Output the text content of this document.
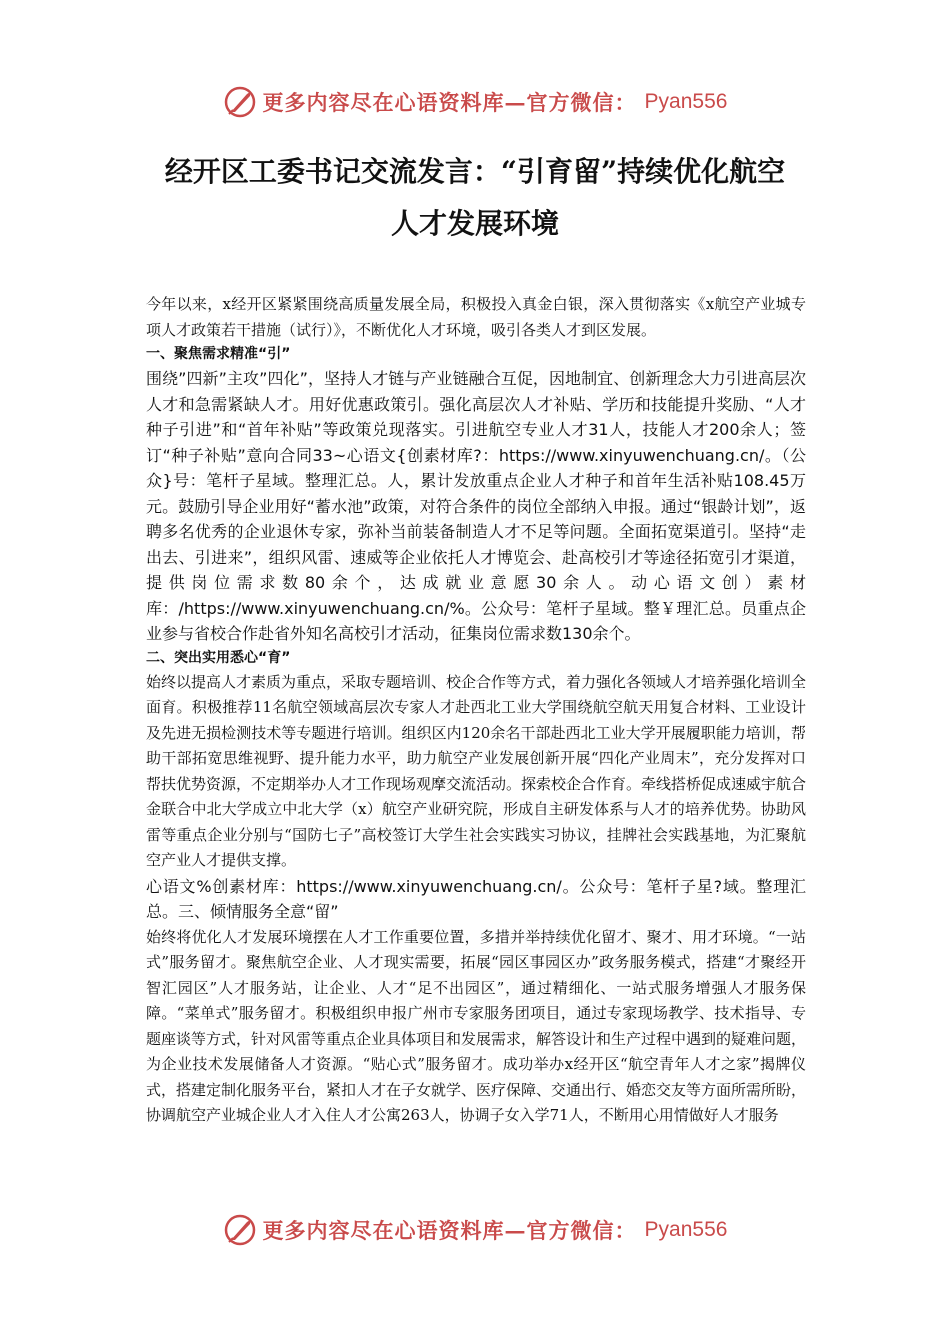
更多内容尽在心语资料库—官方微信： Pyan556
经开区工委书记交流发言：“引育留”持续优化航空
人才发展环境

今年以来，x经开区紧紧围绕高质量发展全局，积极投入真金白银，深入贯彻落实《x航空产业城专项人才政策若干措施（试行）》，不断优化人才环境，吸引各类人才到区发展。

一、聚焦需求精准“引”

围绕”四新”主攻”四化”，坚持人才链与产业链融合互促，因地制宜、创新理念大力引进高层次人才和急需紧缺人才。用好优惠政策引。强化高层次人才补贴、学历和技能提升奖励、“人才种子引进”和“首年补贴”等政策兑现落实。引进航空专业人才31人，技能人才200余人；签订“种子补贴”意向合同33~心语文{创素材库?：https://www.xinyuwenchuang.cn/。（公众}号：笔杆子星域。整理汇总。人，累计发放重点企业人才种子和首年生活补贴108.45万元。鼓励引导企业用好“蓄水池”政策，对符合条件的岗位全部纳入申报。通过“银龄计划”，返聘多名优秀的企业退休专家，弥补当前装备制造人才不足等问题。全面拓宽渠道引。坚持“走出去、引进来”，组织风雷、速威等企业依托人才博览会、赴高校引才等途径拓宽引才渠道，提供岗位需求数80余个，达成就业意愿30余人。动心语文创）素材库：/https://www.xinyuwenchuang.cn/%。公众号：笔杆子星域。整￥理汇总。员重点企业参与省校合作赴省外知名高校引才活动，征集岗位需求数130余个。

二、突出实用悉心“育”

始终以提高人才素质为重点，采取专题培训、校企合作等方式，着力强化各领域人才培养强化培训全面育。积极推荐11名航空领域高层次专家人才赴西北工业大学围绕航空航天用复合材料、工业设计及先进无损检测技术等专题进行培训。组织区内120余名干部赴西北工业大学开展履职能力培训，帮助干部拓宽思维视野、提升能力水平，助力航空产业发展创新开展“四化产业周末”，充分发挥对口帮扶优势资源，不定期举办人才工作现场观摩交流活动。探索校企合作育。牵线搭桥促成速威宇航合金联合中北大学成立中北大学（x）航空产业研究院，形成自主研发体系与人才的培养优势。协助风雷等重点企业分别与“国防七子”高校签订大学生社会实践实习协议，挂牌社会实践基地，为汇聚航空产业人才提供支撑。

心语文%创素材库：https://www.xinyuwenchuang.cn/。公众号：笔杆子星?域。整理汇总。三、倾情服务全意“留”

始终将优化人才发展环境摆在人才工作重要位置，多措并举持续优化留才、聚才、用才环境。“一站式”服务留才。聚焦航空企业、人才现实需要，拓展“园区事园区办”政务服务模式，搭建“才聚经开智汇园区”人才服务站，让企业、人才“足不出园区”，通过精细化、一站式服务增强人才服务保障。“菜单式”服务留才。积极组织申报广州市专家服务团项目，通过专家现场教学、技术指导、专题座谈等方式，针对风雷等重点企业具体项目和发展需求，解答设计和生产过程中遇到的疑难问题，为企业技术发展储备人才资源。“贴心式”服务留才。成功举办x经开区“航空青年人才之家”揭牌仪式，搭建定制化服务平台，紧扣人才在子女就学、医疗保障、交通出行、婚恋交友等方面所需所盼，协调航空产业城企业人才入住人才公寓263人，协调子女入学71人，不断用心用情做好人才服务

更多内容尽在心语资料库—官方微信： Pyan556
